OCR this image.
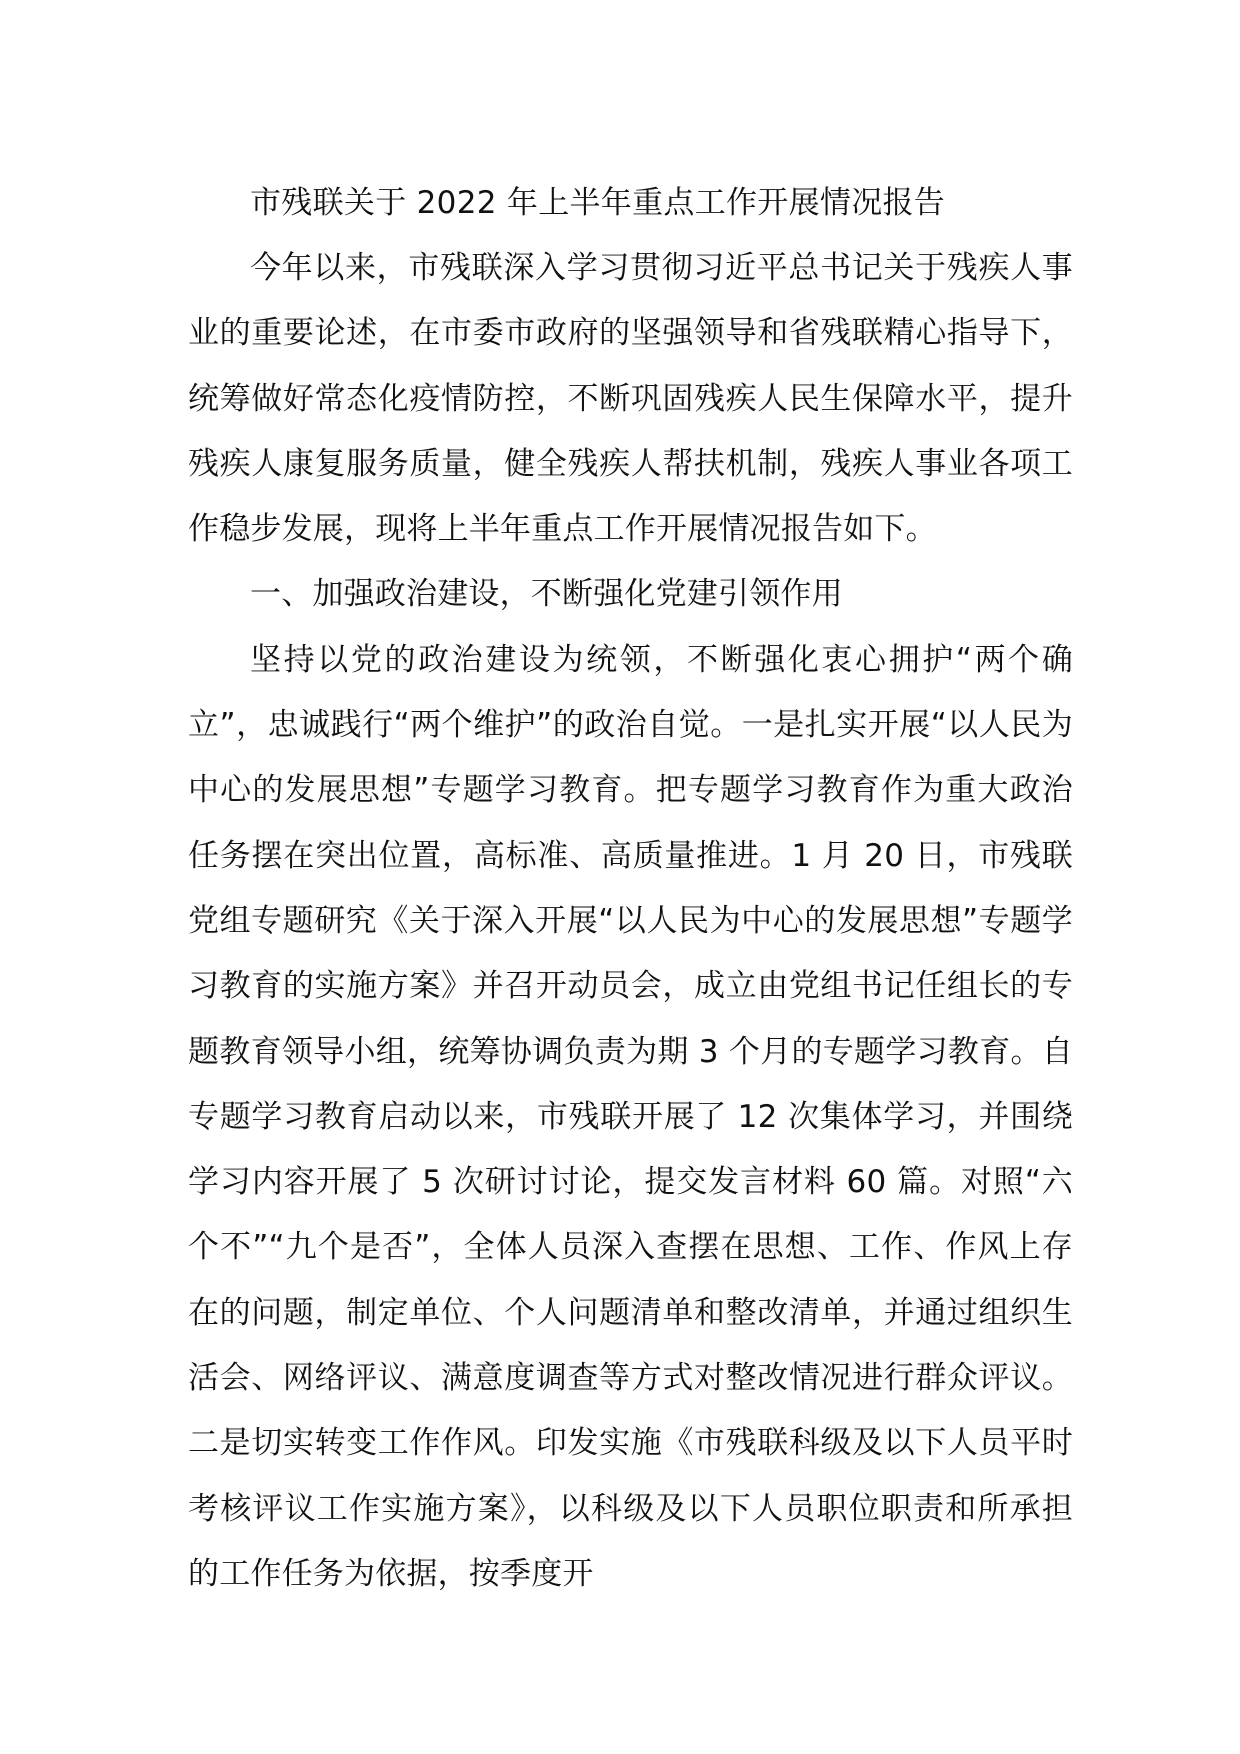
市残联关于 2022 年上半年重点工作开展情况报告

今年以来，市残联深入学习贯彻习近平总书记关于残疾人事业的重要论述，在市委市政府的坚强领导和省残联精心指导下，统筹做好常态化疫情防控，不断巩固残疾人民生保障水平，提升残疾人康复服务质量，健全残疾人帮扶机制，残疾人事业各项工作稳步发展，现将上半年重点工作开展情况报告如下。

一、加强政治建设，不断强化党建引领作用

坚持以党的政治建设为统领，不断强化衷心拥护“两个确立”，忠诚践行“两个维护”的政治自觉。一是扎实开展“以人民为中心的发展思想”专题学习教育。把专题学习教育作为重大政治任务摆在突出位置，高标准、高质量推进。1 月 20 日，市残联党组专题研究《关于深入开展“以人民为中心的发展思想”专题学习教育的实施方案》并召开动员会，成立由党组书记任组长的专题教育领导小组，统筹协调负责为期 3 个月的专题学习教育。自专题学习教育启动以来，市残联开展了 12 次集体学习，并围绕学习内容开展了 5 次研讨讨论，提交发言材料 60 篇。对照“六个不”“九个是否”，全体人员深入查摆在思想、工作、作风上存在的问题，制定单位、个人问题清单和整改清单，并通过组织生活会、网络评议、满意度调查等方式对整改情况进行群众评议。二是切实转变工作作风。印发实施《市残联科级及以下人员平时考核评议工作实施方案》，以科级及以下人员职位职责和所承担的工作任务为依据，按季度开
